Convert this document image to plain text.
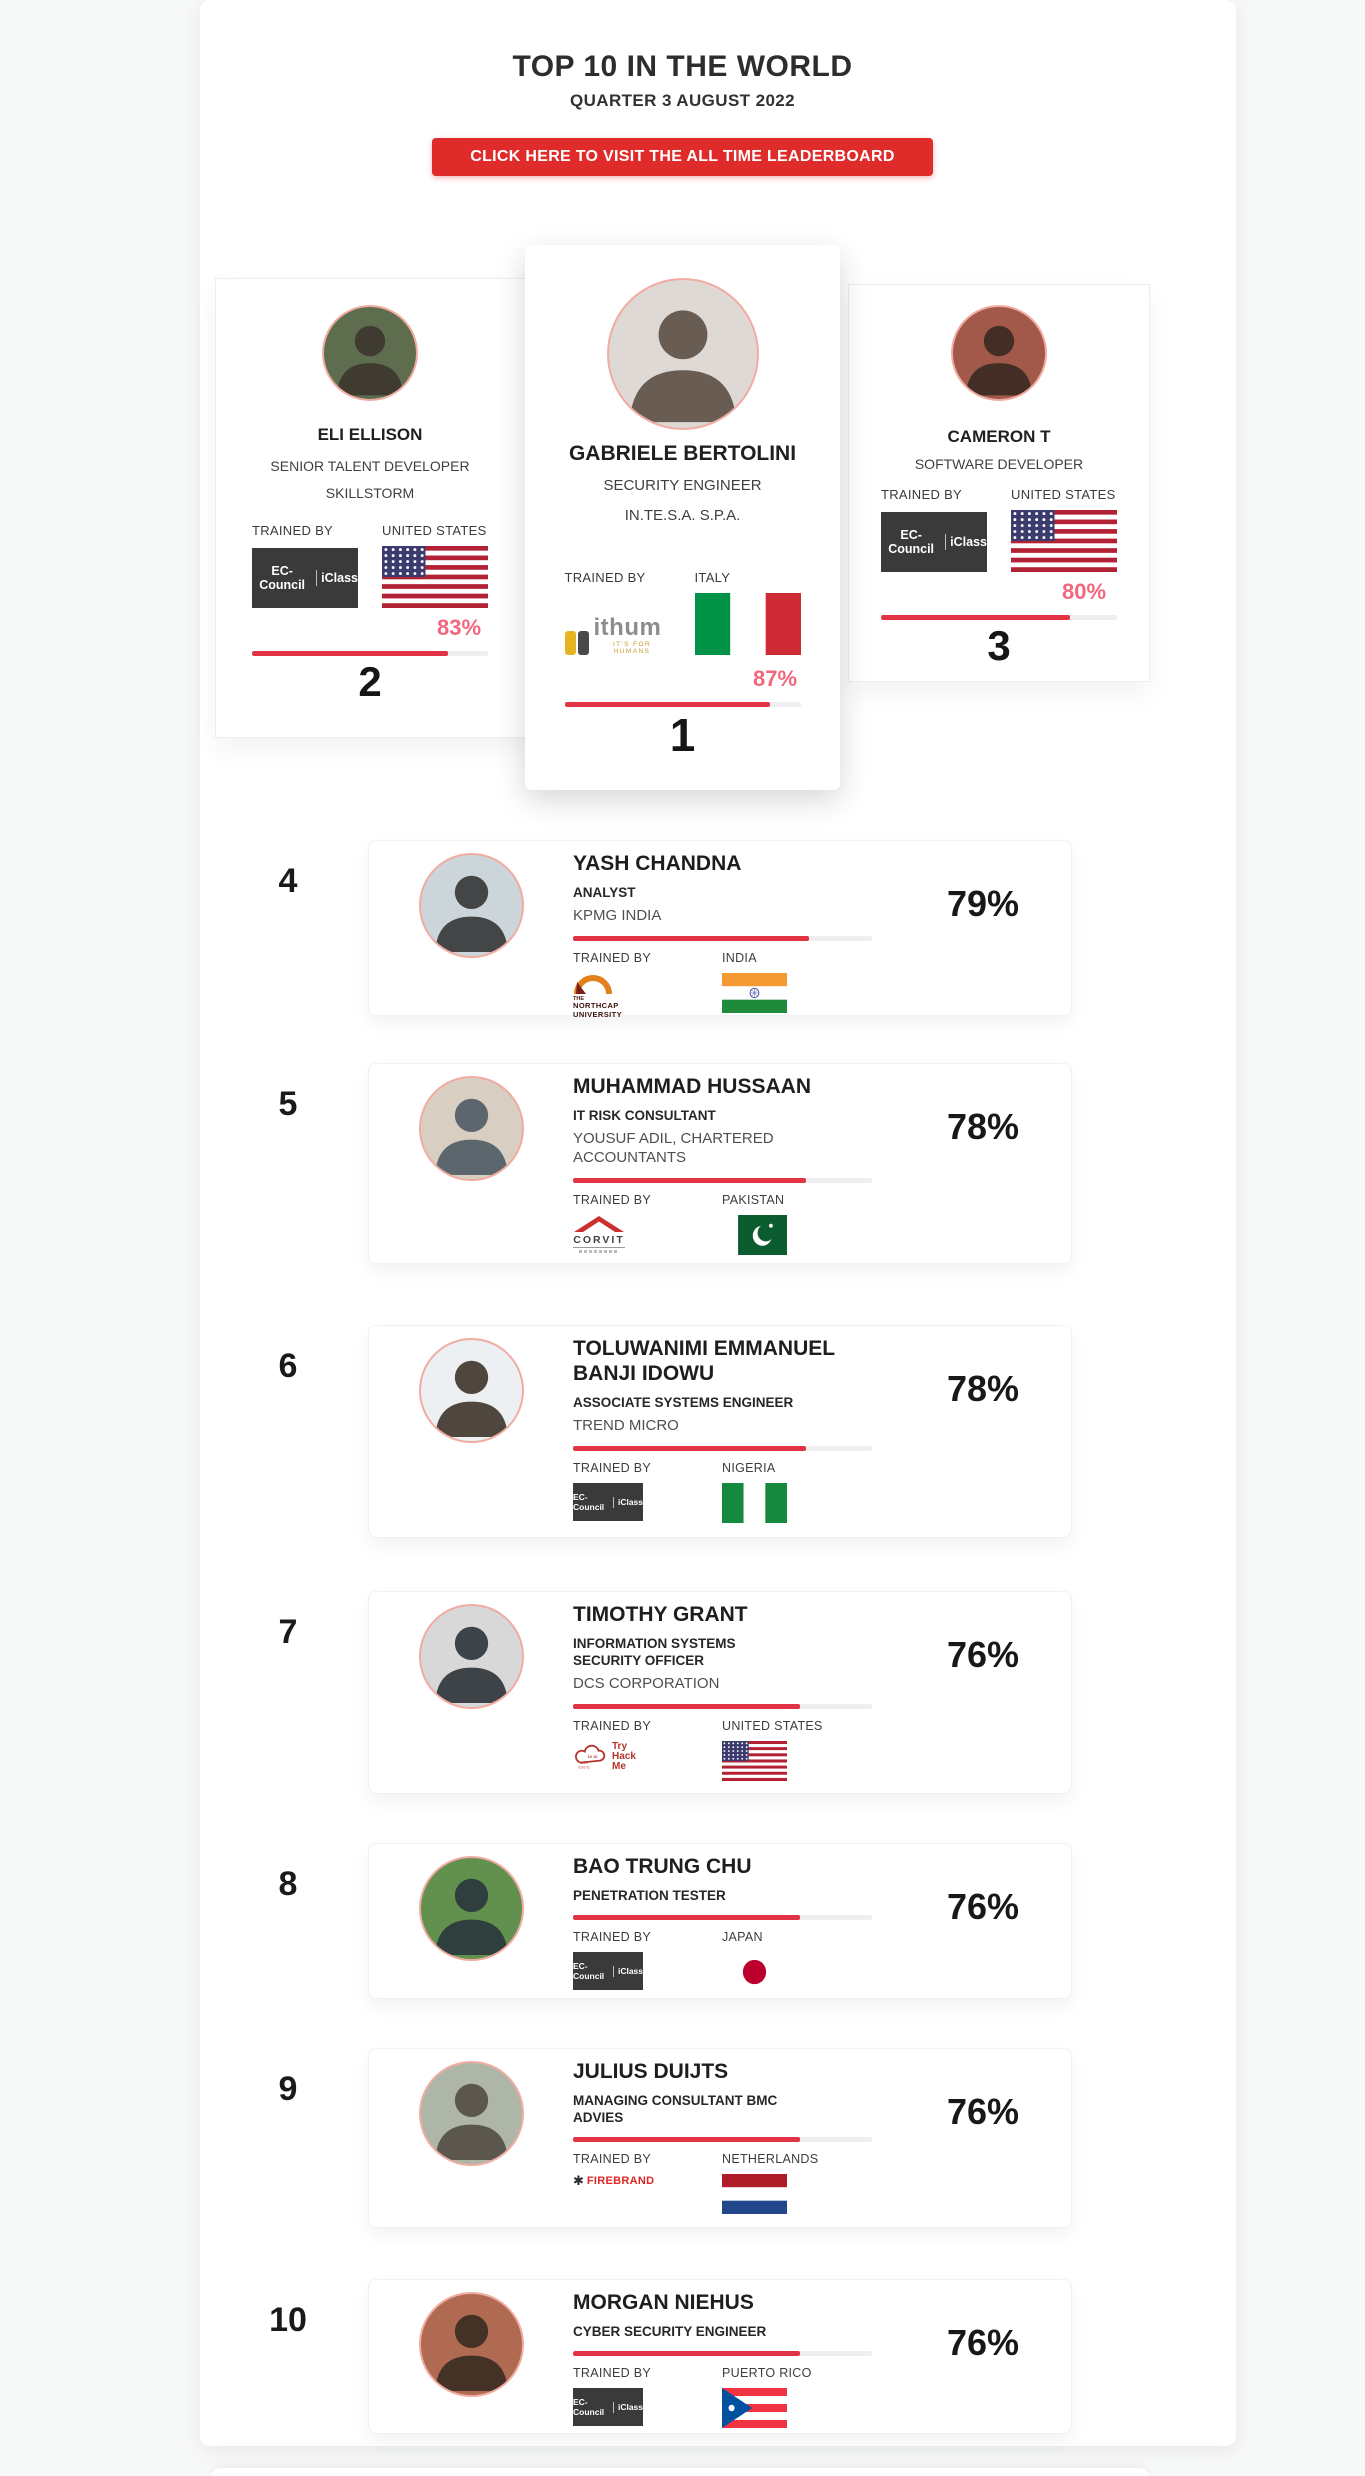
TOP 10 IN THE WORLD
QUARTER 3 AUGUST 2022
CLICK HERE TO VISIT THE ALL TIME LEADERBOARD
ELI ELLISON
SENIOR TALENT DEVELOPER
SKILLSTORM
TRAINED BY
EC-Council	iClass
UNITED STATES
83%
2
CAMERON T
SOFTWARE DEVELOPER
TRAINED BY
EC-Council	iClass
UNITED STATES
80%
3
GABRIELE BERTOLINI
SECURITY ENGINEER
IN.TE.S.A. S.P.A.
TRAINED BY
ithum
IT'S FOR HUMANS
ITALY
87%
1
4	YASH CHANDNA
ANALYST
KPMG INDIA
TRAINED BY
THE
NORTHCAP
UNIVERSITY
INDIA
79%
5	MUHAMMAD HUSSAAN
IT RISK CONSULTANT
YOUSUF ADIL, CHARTERED ACCOUNTANTS
TRAINED BY
CORVIT
PAKISTAN
78%
6	TOLUWANIMI EMMANUEL BANJI IDOWU
ASSOCIATE SYSTEMS ENGINEER
TREND MICRO
TRAINED BY
EC-Council	iClass
NIGERIA
78%
7	TIMOTHY GRANT
INFORMATION SYSTEMS SECURITY OFFICER
DCS CORPORATION
TRAINED BY
10 10
1110
0101 01
Try
Hack
Me
UNITED STATES
76%
8	BAO TRUNG CHU
PENETRATION TESTER
TRAINED BY
EC-Council	iClass
JAPAN
76%
9	JULIUS DUIJTS
MANAGING CONSULTANT BMC ADVIES
TRAINED BY
✱ FIREBRAND
NETHERLANDS
76%
10	MORGAN NIEHUS
CYBER SECURITY ENGINEER
TRAINED BY
EC-Council	iClass
PUERTO RICO
76%
